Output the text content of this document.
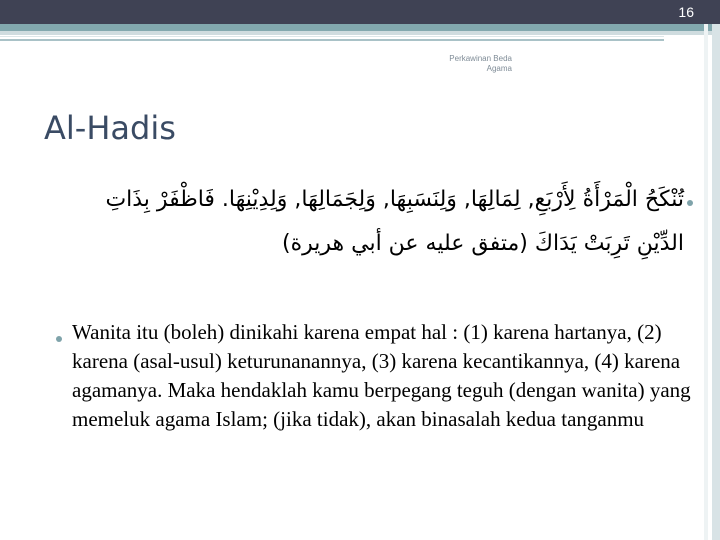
16
Perkawinan Beda Agama
Al-Hadis
تُنْكَحُ الْمَرْأَةُ لِأَرْبَعِ, لِمَالِهَا, وَلِنَسَبِهَا, وَلِجَمَالِهَا, وَلِدِيْنِهَا. فَاظْفَرْ بِذَاتِ الدِّيْنِ تَرِبَتْ يَدَاكَ (متفق عليه عن أبي هريرة)
Wanita itu (boleh) dinikahi karena empat hal : (1) karena hartanya, (2) karena (asal-usul) keturunanannya, (3) karena kecantikannya, (4) karena agamanya. Maka hendaklah kamu berpegang teguh (dengan wanita) yang memeluk agama Islam; (jika tidak), akan binasalah kedua tanganmu
